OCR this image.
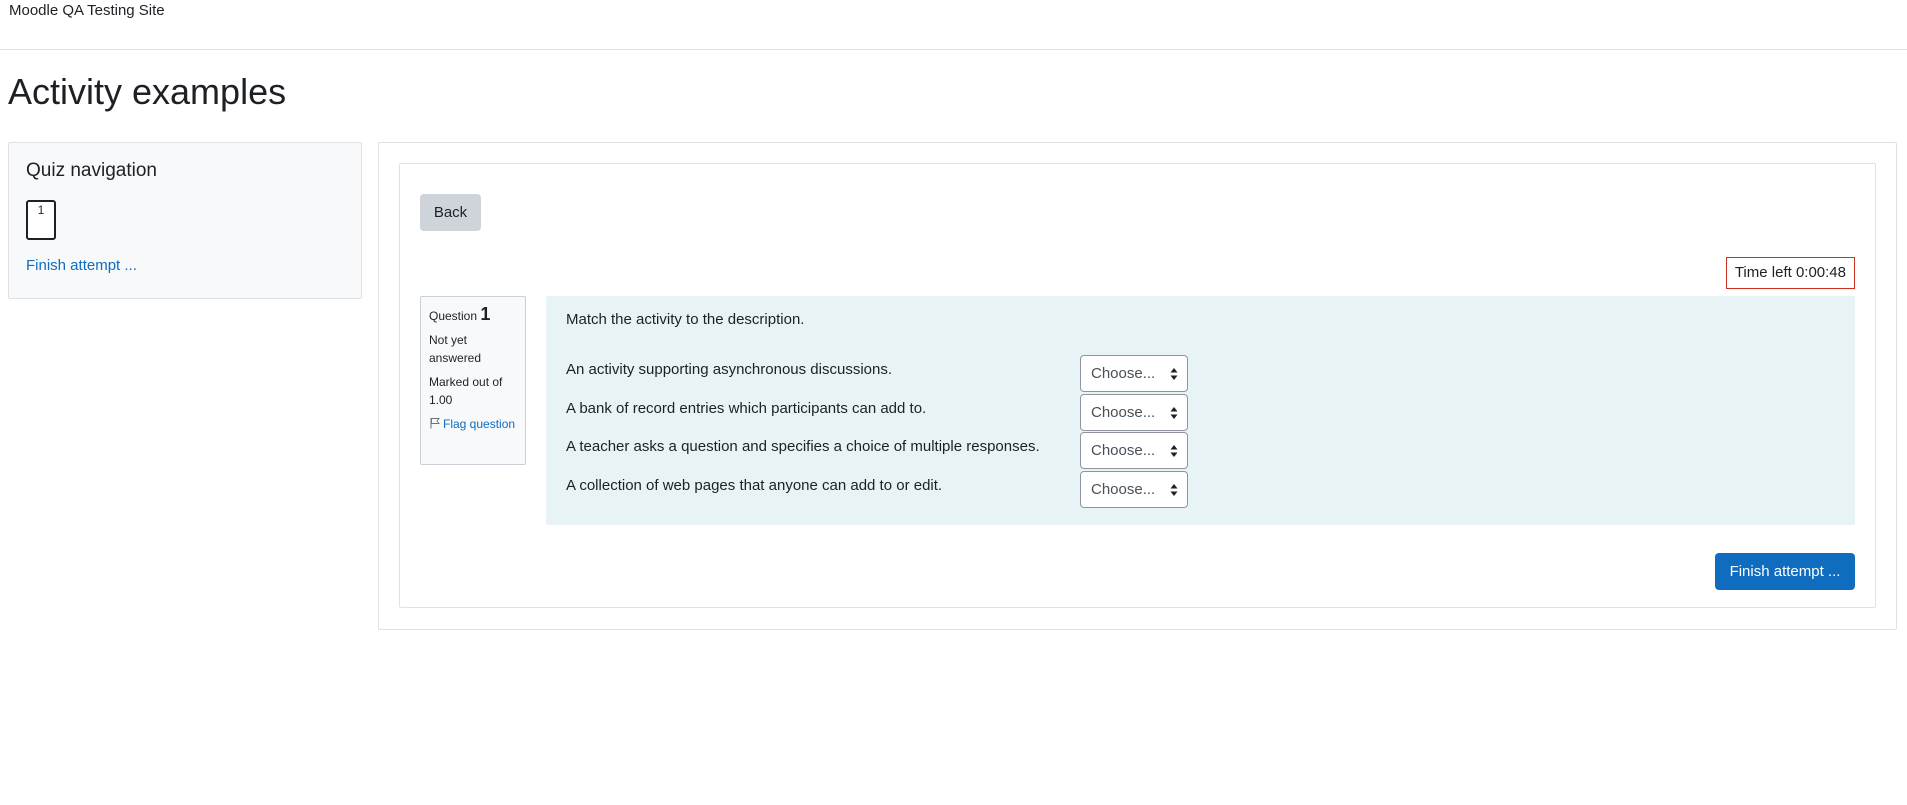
Moodle QA Testing Site
Activity examples
Quiz navigation
1
Finish attempt ...
Back
Time left 0:00:48
Question 1
Not yet answered
Marked out of 1.00
Flag question

Match the activity to the description.

An activity supporting asynchronous discussions.	Choose...
A bank of record entries which participants can add to.	Choose...
A teacher asks a question and specifies a choice of multiple responses.	Choose...
A collection of web pages that anyone can add to or edit.	Choose...
Finish attempt ...
